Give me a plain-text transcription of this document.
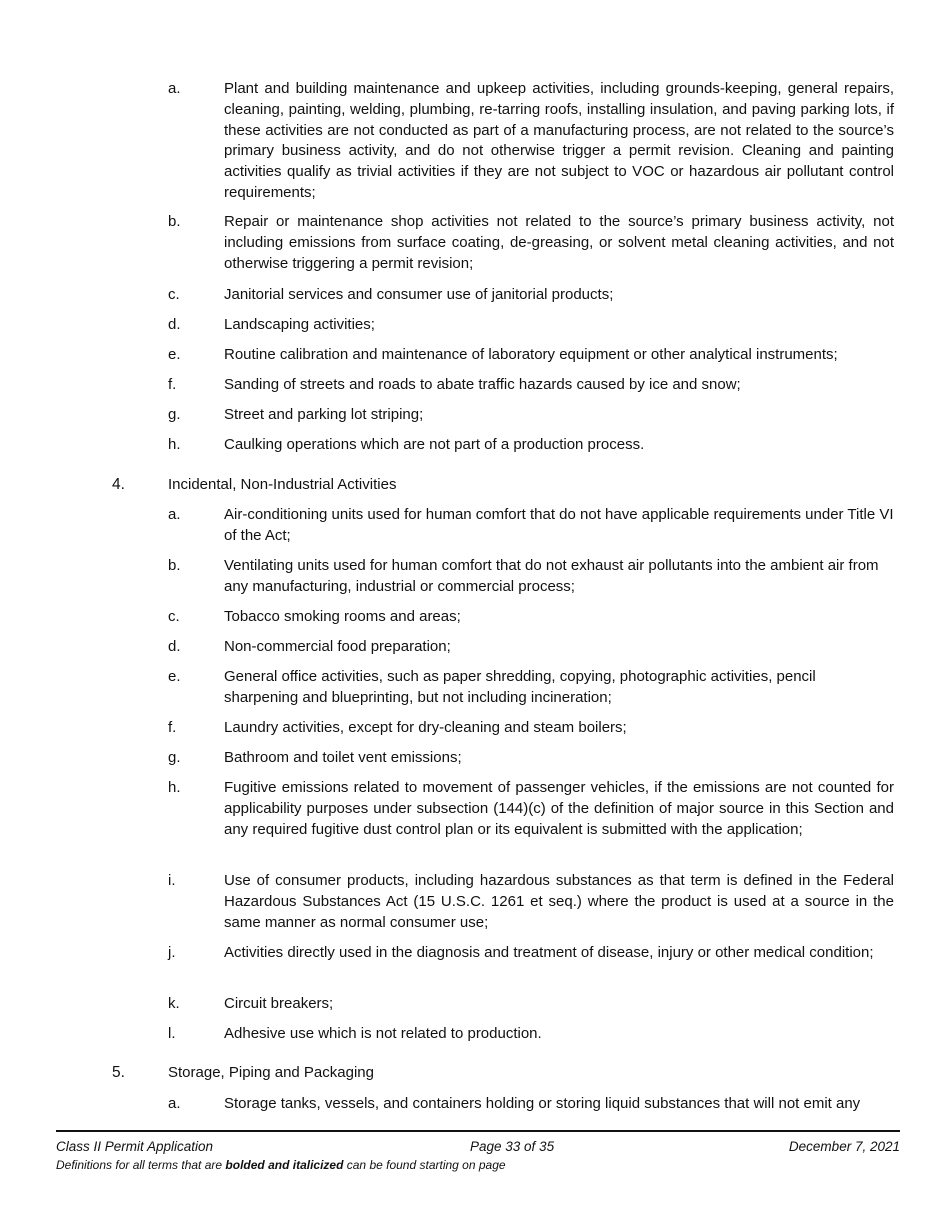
a.	Plant and building maintenance and upkeep activities, including grounds-keeping, general repairs, cleaning, painting, welding, plumbing, re-tarring roofs, installing insulation, and paving parking lots, if these activities are not conducted as part of a manufacturing process, are not related to the source’s primary business activity, and do not otherwise trigger a permit revision. Cleaning and painting activities qualify as trivial activities if they are not subject to VOC or hazardous air pollutant control requirements;
b.	Repair or maintenance shop activities not related to the source’s primary business activity, not including emissions from surface coating, de-greasing, or solvent metal cleaning activities, and not otherwise triggering a permit revision;
c.	Janitorial services and consumer use of janitorial products;
d.	Landscaping activities;
e.	Routine calibration and maintenance of laboratory equipment or other analytical instruments;
f.	Sanding of streets and roads to abate traffic hazards caused by ice and snow;
g.	Street and parking lot striping;
h.	Caulking operations which are not part of a production process.
4.	Incidental, Non-Industrial Activities
a.	Air-conditioning units used for human comfort that do not have applicable requirements under Title VI of the Act;
b.	Ventilating units used for human comfort that do not exhaust air pollutants into the ambient air from any manufacturing, industrial or commercial process;
c.	Tobacco smoking rooms and areas;
d.	Non-commercial food preparation;
e.	General office activities, such as paper shredding, copying, photographic activities, pencil sharpening and blueprinting, but not including incineration;
f.	Laundry activities, except for dry-cleaning and steam boilers;
g.	Bathroom and toilet vent emissions;
h.	Fugitive emissions related to movement of passenger vehicles, if the emissions are not counted for applicability purposes under subsection (144)(c) of the definition of major source in this Section and any required fugitive dust control plan or its equivalent is submitted with the application;
i.	Use of consumer products, including hazardous substances as that term is defined in the Federal Hazardous Substances Act (15 U.S.C. 1261 et seq.) where the product is used at a source in the same manner as normal consumer use;
j.	Activities directly used in the diagnosis and treatment of disease, injury or other medical condition;
k.	Circuit breakers;
l.	Adhesive use which is not related to production.
5.	Storage, Piping and Packaging
a.	Storage tanks, vessels, and containers holding or storing liquid substances that will not emit any
Class II Permit Application	Page 33 of 35	December 7, 2021
Definitions for all terms that are bolded and italicized can be found starting on page
